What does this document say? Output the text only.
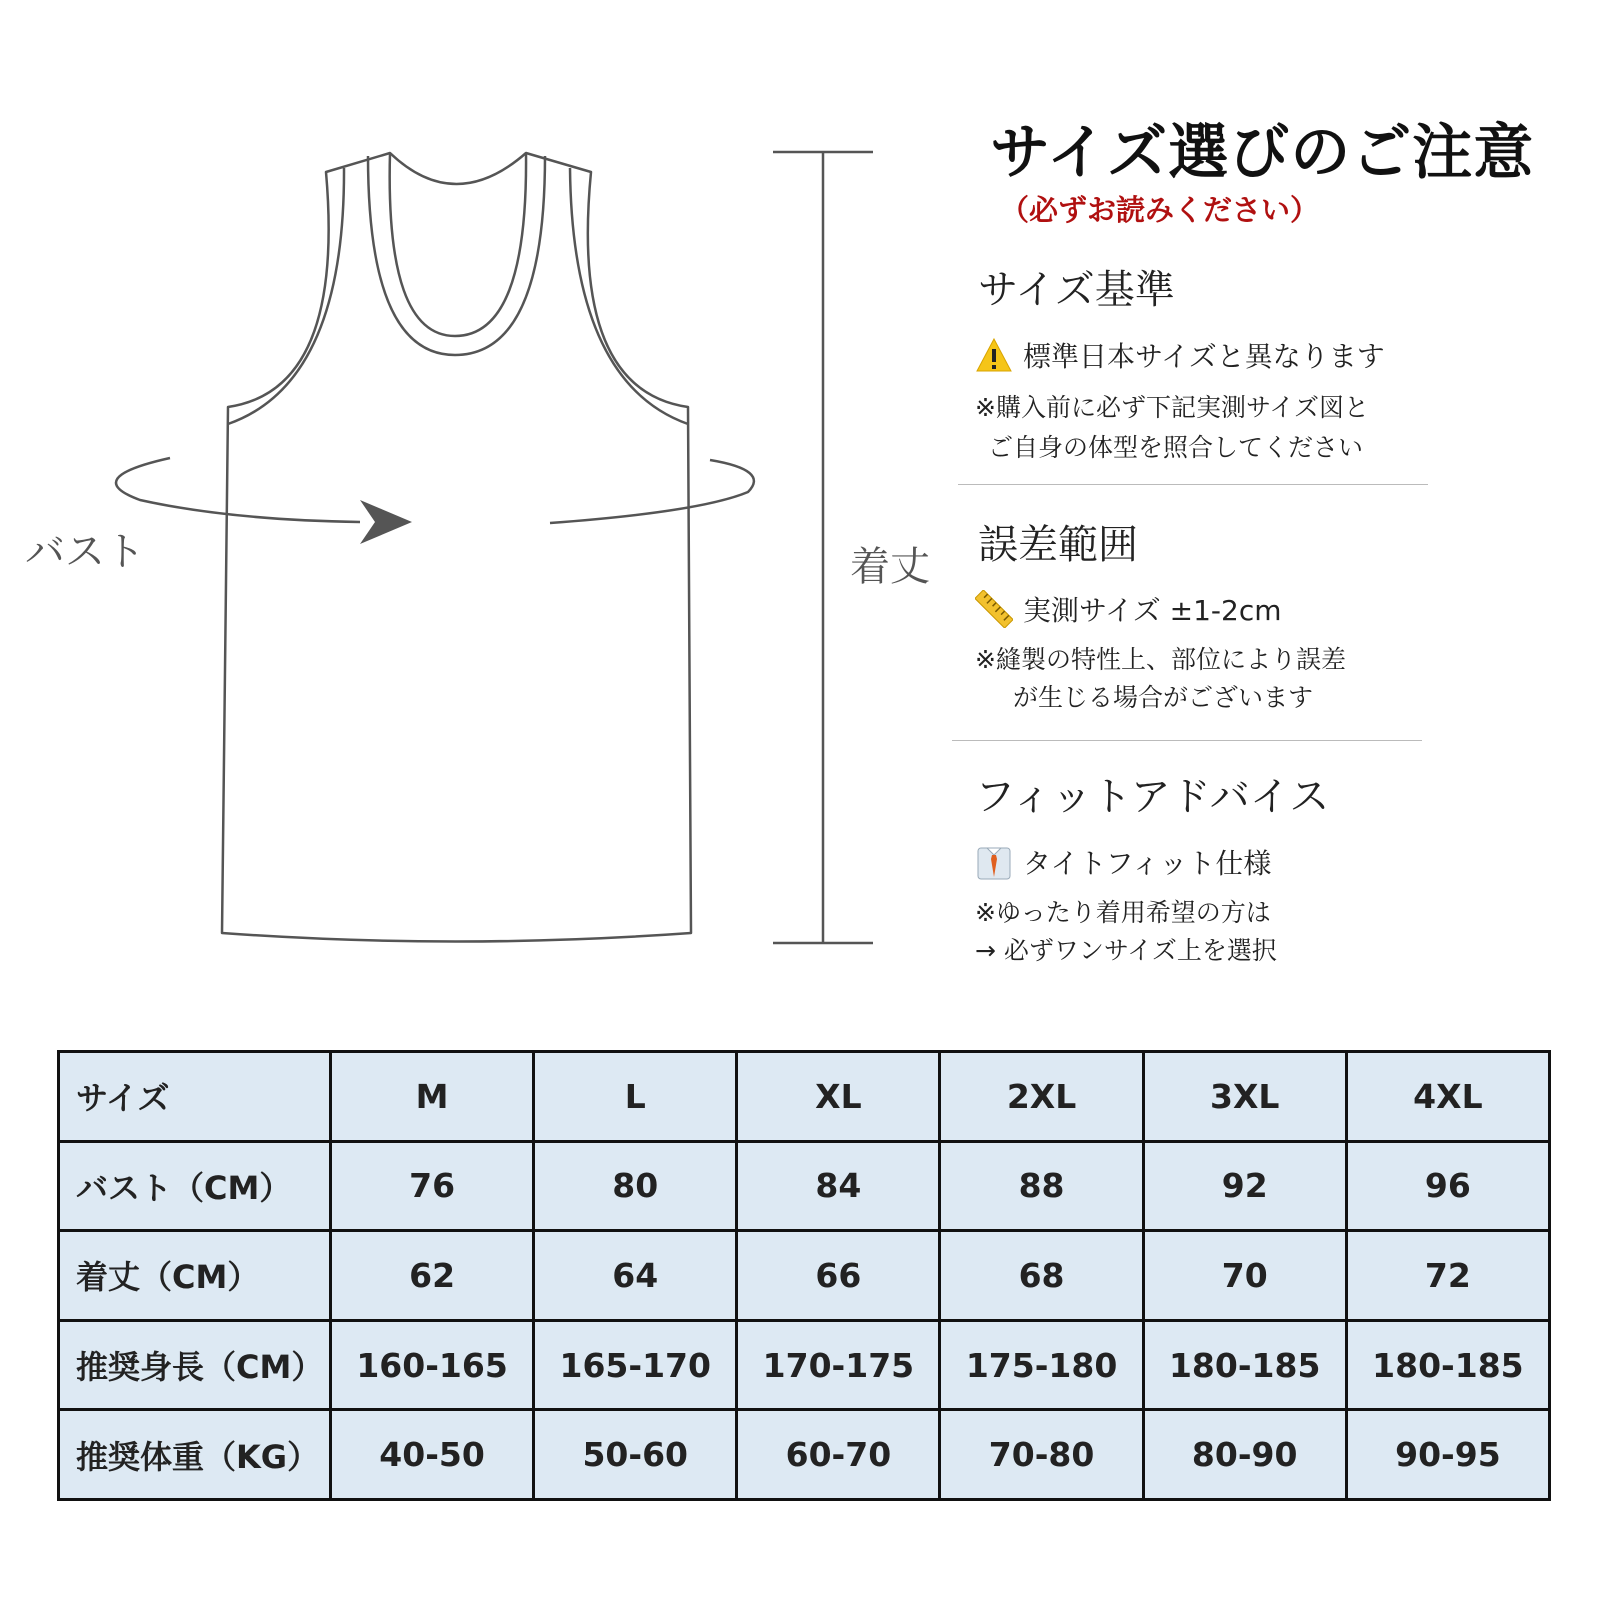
バスト	着丈
サイズ選びのご注意
（必ずお読みください）
サイズ基準
標準日本サイズと異なります
※購入前に必ず下記実測サイズ図と
ご自身の体型を照合してください
誤差範囲
実測サイズ ±1-2cm
※縫製の特性上、部位により誤差
が生じる場合がございます
フィットアドバイス
タイトフィット仕様
※ゆったり着用希望の方は
→ 必ずワンサイズ上を選択
サイズ	M	L	XL	2XL	3XL	4XL
バスト（CM）	76	80	84	88	92	96
着丈（CM）	62	64	66	68	70	72
推奨身長（CM）	160-165	165-170	170-175	175-180	180-185	180-185
推奨体重（KG）	40-50	50-60	60-70	70-80	80-90	90-95
